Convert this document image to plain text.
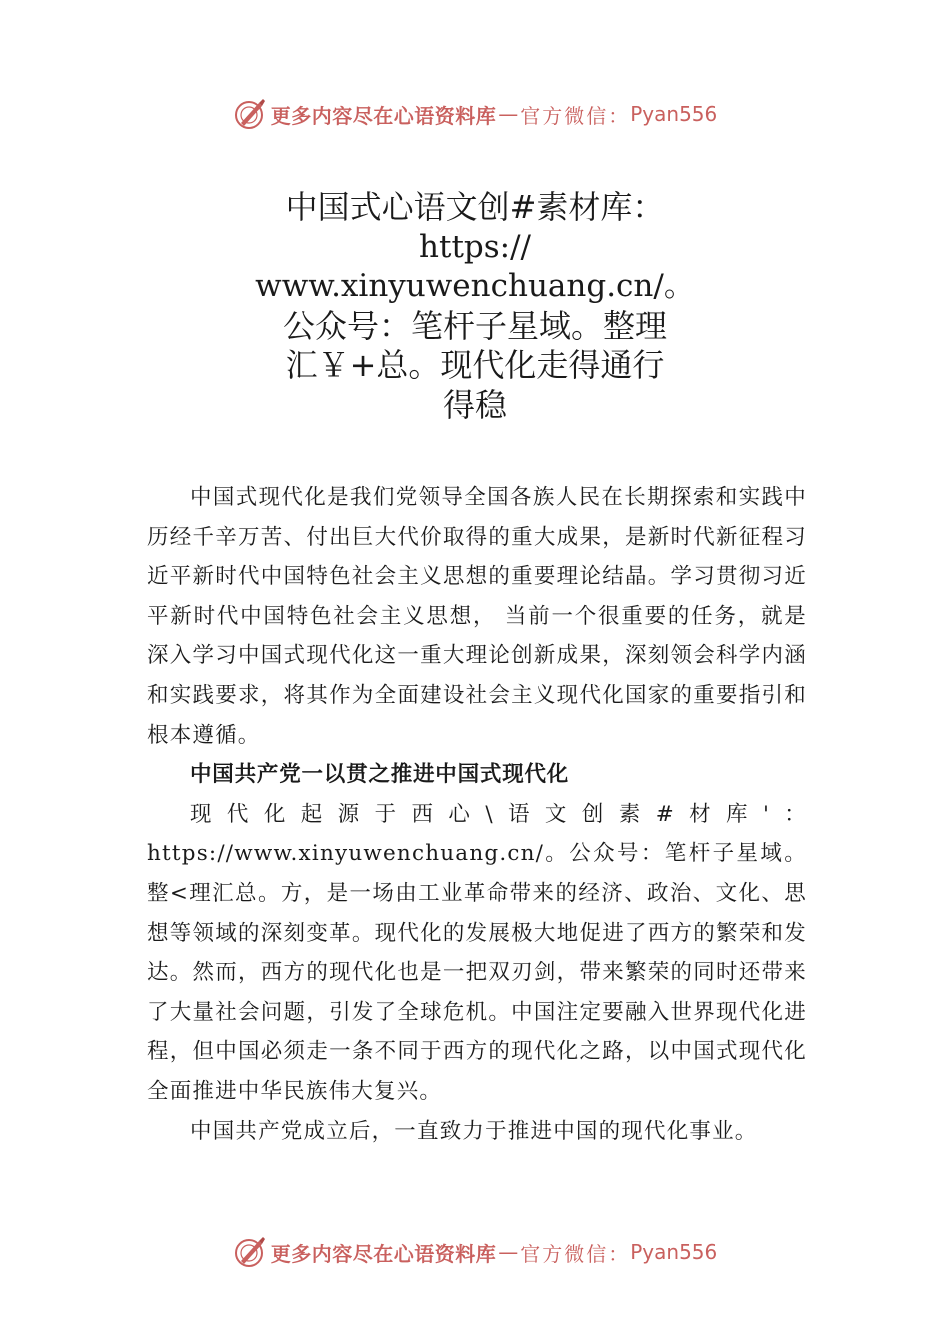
更多内容尽在心语资料库 — 官方微信： Pyan556
中国式心语文创#素材库：
https://
www.xinyuwenchuang.cn/。
公众号：笔杆子星域。整理
汇￥+总。现代化走得通行
得稳

中国式现代化是我们党领导全国各族人民在长期探索和实践中历经千辛万苦、付出巨大代价取得的重大成果，是新时代新征程习近平新时代中国特色社会主义思想的重要理论结晶。学习贯彻习近平新时代中国特色社会主义思想， 当前一个很重要的任务，就是深入学习中国式现代化这一重大理论创新成果，深刻领会科学内涵和实践要求，将其作为全面建设社会主义现代化国家的重要指引和根本遵循。

中国共产党一以贯之推进中国式现代化

现代化起源于西心\语文创素#材库'：https://www.xinyuwenchuang.cn/。公众号：笔杆子星域。整<理汇总。方，是一场由工业革命带来的经济、政治、文化、思想等领域的深刻变革。现代化的发展极大地促进了西方的繁荣和发达。然而，西方的现代化也是一把双刃剑，带来繁荣的同时还带来了大量社会问题，引发了全球危机。中国注定要融入世界现代化进程，但中国必须走一条不同于西方的现代化之路，以中国式现代化全面推进中华民族伟大复兴。

中国共产党成立后，一直致力于推进中国的现代化事业。

更多内容尽在心语资料库 — 官方微信： Pyan556
